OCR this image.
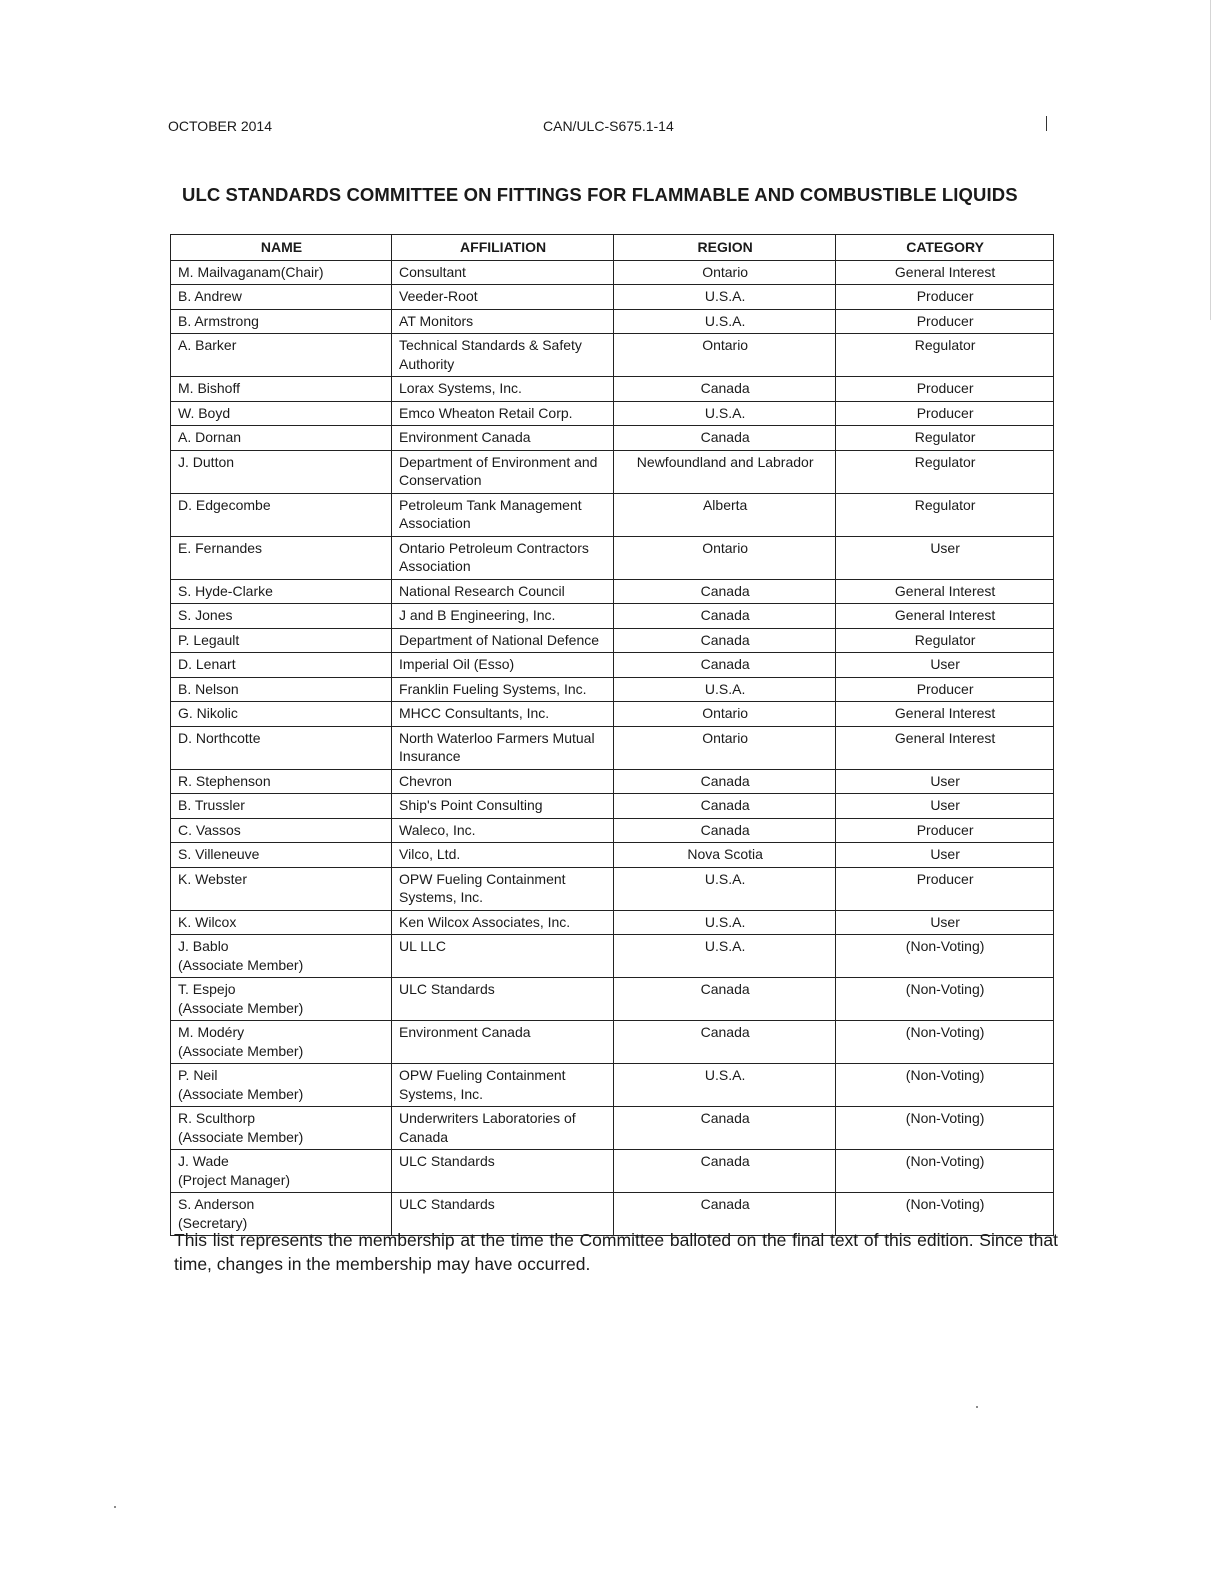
OCTOBER 2014	CAN/ULC-S675.1-14
ULC STANDARDS COMMITTEE ON FITTINGS FOR FLAMMABLE AND COMBUSTIBLE LIQUIDS
NAME	AFFILIATION	REGION	CATEGORY

M. Mailvaganam(Chair)	Consultant	Ontario	General Interest

B. Andrew	Veeder-Root	U.S.A.	Producer

B. Armstrong	AT Monitors	U.S.A.	Producer

A. Barker	Technical Standards & Safety Authority	Ontario	Regulator

M. Bishoff	Lorax Systems, Inc.	Canada	Producer

W. Boyd	Emco Wheaton Retail Corp.	U.S.A.	Producer

A. Dornan	Environment Canada	Canada	Regulator

J. Dutton	Department of Environment and Conservation	Newfoundland and Labrador	Regulator

D. Edgecombe	Petroleum Tank Management Association	Alberta	Regulator

E. Fernandes	Ontario Petroleum Contractors Association	Ontario	User

S. Hyde-Clarke	National Research Council	Canada	General Interest

S. Jones	J and B Engineering, Inc.	Canada	General Interest

P. Legault	Department of National Defence	Canada	Regulator

D. Lenart	Imperial Oil (Esso)	Canada	User

B. Nelson	Franklin Fueling Systems, Inc.	U.S.A.	Producer

G. Nikolic	MHCC Consultants, Inc.	Ontario	General Interest

D. Northcotte	North Waterloo Farmers Mutual Insurance	Ontario	General Interest

R. Stephenson	Chevron	Canada	User

B. Trussler	Ship's Point Consulting	Canada	User

C. Vassos	Waleco, Inc.	Canada	Producer

S. Villeneuve	Vilco, Ltd.	Nova Scotia	User

K. Webster	OPW Fueling Containment Systems, Inc.	U.S.A.	Producer

K. Wilcox	Ken Wilcox Associates, Inc.	U.S.A.	User

J. Bablo
(Associate Member)	UL LLC	U.S.A.	(Non-Voting)

T. Espejo
(Associate Member)	ULC Standards	Canada	(Non-Voting)

M. Modéry
(Associate Member)	Environment Canada	Canada	(Non-Voting)

P. Neil
(Associate Member)	OPW Fueling Containment Systems, Inc.	U.S.A.	(Non-Voting)

R. Sculthorp
(Associate Member)	Underwriters Laboratories of Canada	Canada	(Non-Voting)

J. Wade
(Project Manager)	ULC Standards	Canada	(Non-Voting)

S. Anderson
(Secretary)	ULC Standards	Canada	(Non-Voting)
This list represents the membership at the time the Committee balloted on the final text of this edition. Since that time, changes in the membership may have occurred.
